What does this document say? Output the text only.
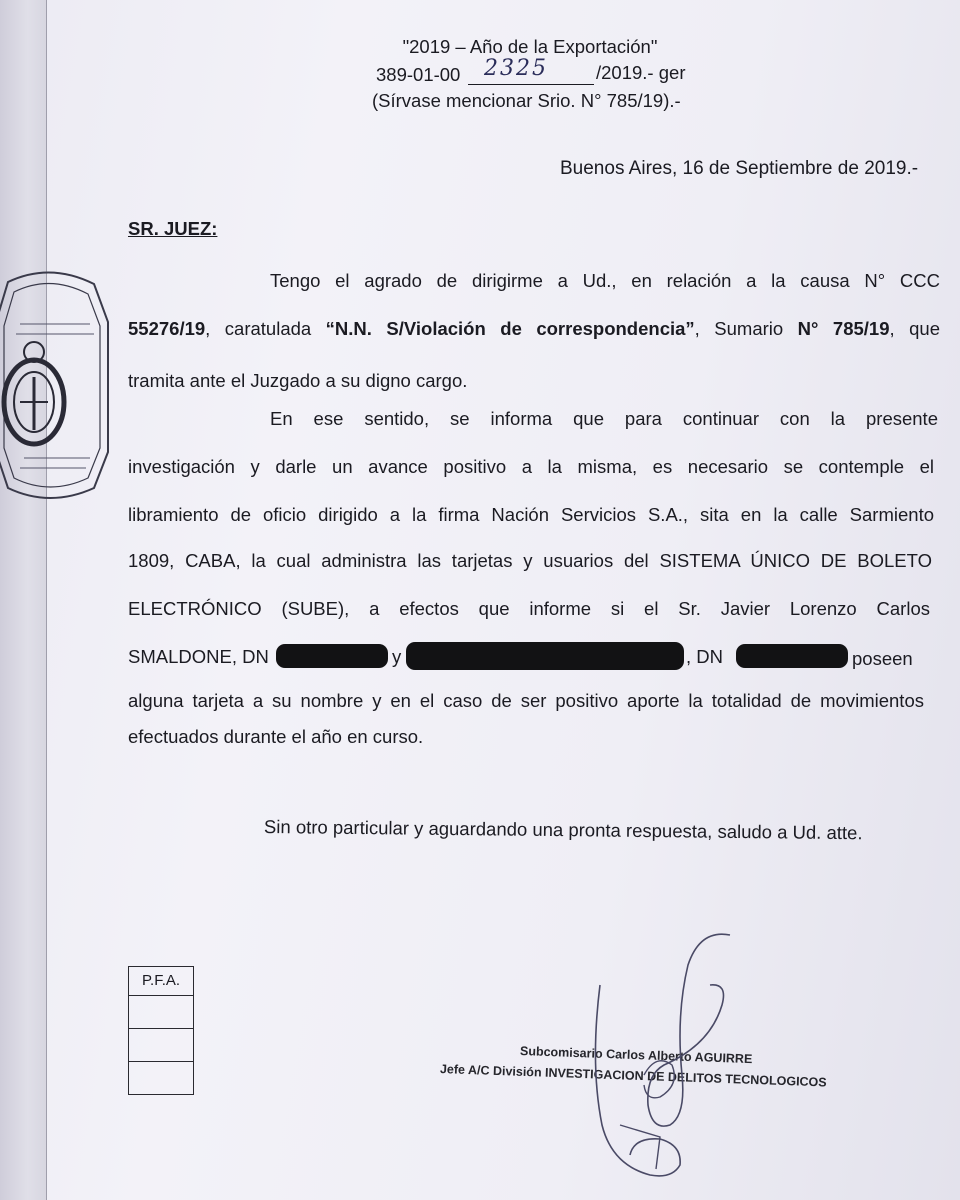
"2019 – Año de la Exportación"
389-01-00 2325	/2019.- ger
(Sírvase mencionar Srio. N° 785/19).-
Buenos Aires, 16 de Septiembre de 2019.-
SR. JUEZ:
Tengo el agrado de dirigirme a Ud., en relación a la causa N° CCC
55276/19, caratulada “N.N. S/Violación de correspondencia”, Sumario N° 785/19, que
tramita ante el Juzgado a su digno cargo.
En ese sentido, se informa que para continuar con la presente
investigación y darle un avance positivo a la misma, es necesario se contemple el
libramiento de oficio dirigido a la firma Nación Servicios S.A., sita en la calle Sarmiento
1809, CABA, la cual administra las tarjetas y usuarios del SISTEMA ÚNICO DE BOLETO
ELECTRÓNICO (SUBE), a efectos que informe si el Sr. Javier Lorenzo Carlos
SMALDONE, DN	y	, DN	poseen
alguna tarjeta a su nombre y en el caso de ser positivo aporte la totalidad de movimientos
efectuados durante el año en curso.
Sin otro particular y aguardando una pronta respuesta, saludo a Ud. atte.
P.F.A.
Subcomisario Carlos Alberto AGUIRRE
Jefe A/C División INVESTIGACION DE DELITOS TECNOLOGICOS
